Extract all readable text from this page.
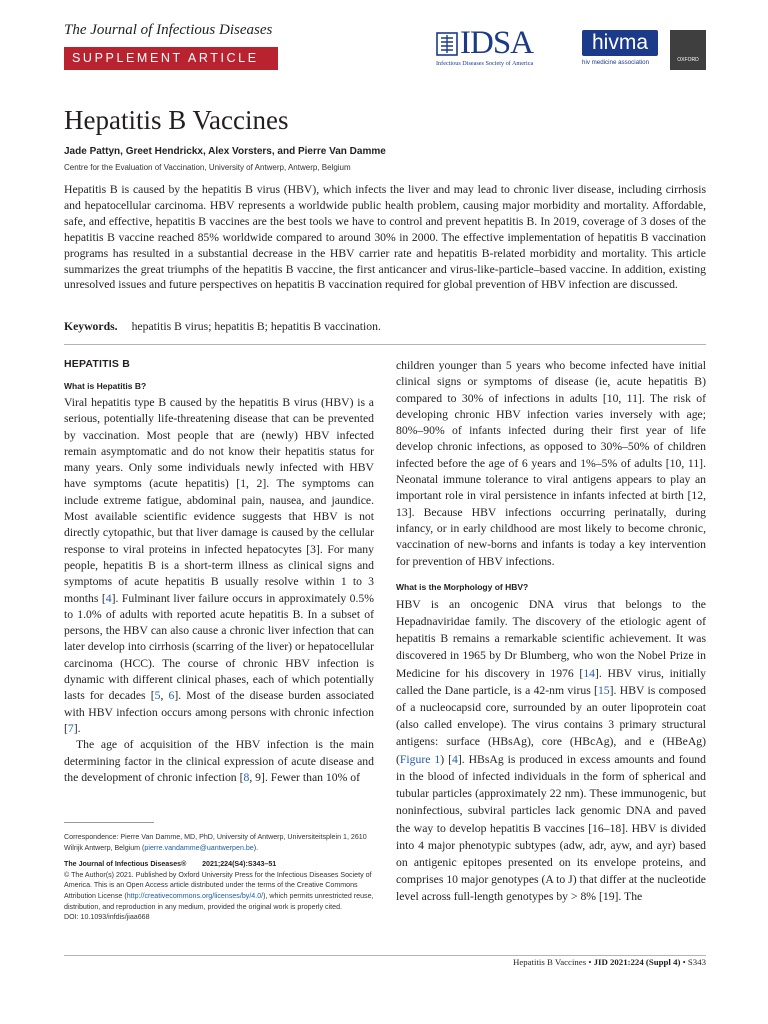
The Journal of Infectious Diseases
SUPPLEMENT ARTICLE	IDSA
Infectious Diseases Society of America
hivma
hiv medicine association	OXFORD
Hepatitis B Vaccines
Jade Pattyn, Greet Hendrickx, Alex Vorsters, and Pierre Van Damme
Centre for the Evaluation of Vaccination, University of Antwerp, Antwerp, Belgium

Hepatitis B is caused by the hepatitis B virus (HBV), which infects the liver and may lead to chronic liver disease, including cirrhosis and hepatocellular carcinoma. HBV represents a worldwide public health problem, causing major morbidity and mortality. Affordable, safe, and effective, hepatitis B vaccines are the best tools we have to control and prevent hepatitis B. In 2019, coverage of 3 doses of the hepatitis B vaccine reached 85% worldwide compared to around 30% in 2000. The effective implementation of hepatitis B vaccination programs has resulted in a substantial decrease in the HBV carrier rate and hepatitis B-related morbidity and mortality. This article summarizes the great triumphs of the hepatitis B vaccine, the first anticancer and virus-like-particle–based vaccine. In addition, existing unresolved issues and future perspectives on hepatitis B vaccination required for global prevention of HBV infection are discussed.

Keywords. hepatitis B virus; hepatitis B; hepatitis B vaccination.
HEPATITIS B
What is Hepatitis B?

Viral hepatitis type B caused by the hepatitis B virus (HBV) is a serious, potentially life-threatening disease that can be prevented by vaccination. Most people that are (newly) HBV infected remain asymptomatic and do not know their hepatitis status for many years. Only some individuals newly infected with HBV have symptoms (acute hepatitis) [1, 2]. The symptoms can include extreme fatigue, abdominal pain, nausea, and jaundice. Most available scientific evidence suggests that HBV is not directly cytopathic, but that liver damage is caused by the cellular response to viral proteins in infected hepatocytes [3]. For many people, hepatitis B is a short-term illness as clinical signs and symptoms of acute hepatitis B usually resolve within 1 to 3 months [4]. Fulminant liver failure occurs in approximately 0.5% to 1.0% of adults with reported acute hepatitis B. In a subset of persons, the HBV can also cause a chronic liver infection that can later develop into cirrhosis (scarring of the liver) or hepatocellular carcinoma (HCC). The course of chronic HBV infection is dynamic with different clinical phases, each of which potentially lasts for decades [5, 6]. Most of the disease burden associated with HBV infection occurs among persons with chronic infection [7].

The age of acquisition of the HBV infection is the main determining factor in the clinical expression of acute disease and the development of chronic infection [8, 9]. Fewer than 10% of

children younger than 5 years who become infected have initial clinical signs or symptoms of disease (ie, acute hepatitis B) compared to 30% of infections in adults [10, 11]. The risk of developing chronic HBV infection varies inversely with age; 80%–90% of infants infected during their first year of life develop chronic infections, as opposed to 30%–50% of children infected before the age of 6 years and 1%–5% of adults [10, 11]. Neonatal immune tolerance to viral antigens appears to play an important role in viral persistence in infants infected at birth [12, 13]. Because HBV infections occurring perinatally, during infancy, or in early childhood are most likely to become chronic, vaccination of new-borns and infants is today a key intervention for prevention of HBV infections.

What is the Morphology of HBV?

HBV is an oncogenic DNA virus that belongs to the Hepadnaviridae family. The discovery of the etiologic agent of hepatitis B remains a remarkable scientific achievement. It was discovered in 1965 by Dr Blumberg, who won the Nobel Prize in Medicine for his discovery in 1976 [14]. HBV virus, initially called the Dane particle, is a 42-nm virus [15]. HBV is composed of a nucleocapsid core, surrounded by an outer lipoprotein coat (also called envelope). The virus contains 3 primary structural antigens: surface (HBsAg), core (HBcAg), and e (HBeAg) (Figure 1) [4]. HBsAg is produced in excess amounts and found in the blood of infected individuals in the form of spherical and tubular particles (approximately 22 nm). These immunogenic, but noninfectious, subviral particles lack genomic DNA and paved the way to develop hepatitis B vaccines [16–18]. HBV is divided into 4 major phenotypic subtypes (adw, adr, ayw, and ayr) based on antigenic epitopes presented on its envelope proteins, and comprises 10 major genotypes (A to J) that differ at the nucleotide level across full-length genotypes by > 8% [19]. The

Correspondence: Pierre Van Damme, MD, PhD, University of Antwerp, Universiteitsplein 1, 2610 Wilrijk Antwerp, Belgium (pierre.vandamme@uantwerpen.be).
The Journal of Infectious Diseases® 2021;224(S4):S343–51
© The Author(s) 2021. Published by Oxford University Press for the Infectious Diseases Society of America. This is an Open Access article distributed under the terms of the Creative Commons Attribution License (http://creativecommons.org/licenses/by/4.0/), which permits unrestricted reuse, distribution, and reproduction in any medium, provided the original work is properly cited.
DOI: 10.1093/infdis/jiaa668
Hepatitis B Vaccines • JID 2021:224 (Suppl 4) • S343
